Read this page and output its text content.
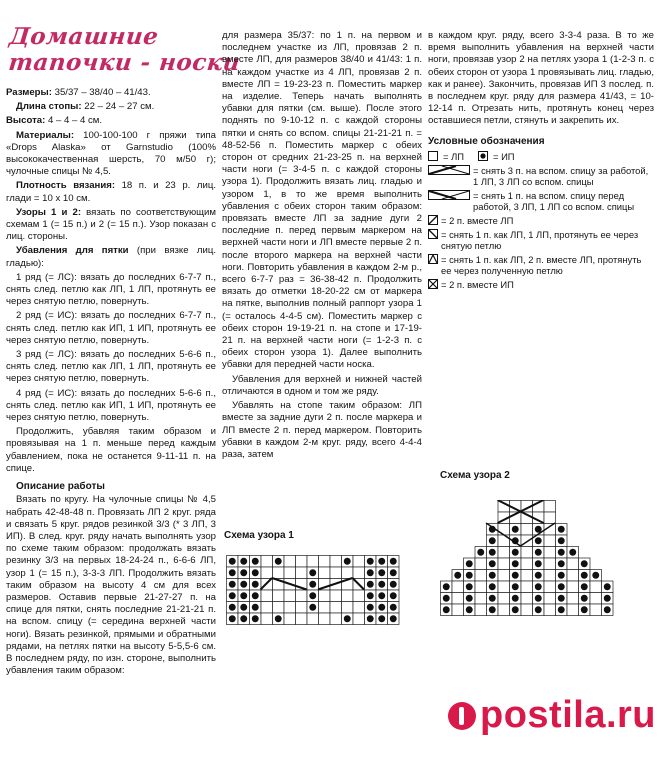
Домашние
тапочки - носки

Размеры: 35/37 – 38/40 – 41/43.

Длина стопы: 22 – 24 – 27 см.

Высота: 4 – 4 – 4 см.

Материалы: 100-100-100 г пряжи типа «Drops Alaska» от Garnstudio (100% высококачественная шерсть, 70 м/50 г); чулочные спицы № 4,5.

Плотность вязания: 18 п. и 23 р. лиц. глади = 10 х 10 см.

Узоры 1 и 2: вязать по соответствующим схемам 1 (= 15 п.) и 2 (= 15 п.). Узор показан с лиц. стороны.

Убавления для пятки (при вязке лиц. гладью):

1 ряд (= ЛС): вязать до последних 6-7-7 п., снять след. петлю как ЛП, 1 ЛП, протянуть ее через снятую петлю, повернуть.

2 ряд (= ИС): вязать до последних 6-7-7 п., снять след. петлю как ИП, 1 ИП, протянуть ее через снятую петлю, повернуть.

3 ряд (= ЛС): вязать до последних 5-6-6 п., снять след. петлю как ЛП, 1 ЛП, протянуть ее через снятую петлю, повернуть.

4 ряд (= ИС): вязать до последних 5-6-6 п., снять след. петлю как ИП, 1 ИП, протянуть ее через снятую петлю, повернуть.

Продолжить, убавляя таким образом и провязывая на 1 п. меньше перед каждым убавлением, пока не останется 9-11-11 п. на спице.

Описание работы

Вязать по кругу. На чулочные спицы № 4,5 набрать 42-48-48 п. Провязать ЛП 2 круг. ряда и связать 5 круг. рядов резинкой 3/3 (* 3 ЛП, 3 ИП). В след. круг. ряду начать выполнять узор по схеме таким образом: продолжать вязать резинку 3/3 на первых 18-24-24 п., 6-6-6 ЛП, узор 1 (= 15 п.), 3-3-3 ЛП. Продолжить вязать таким образом на высоту 4 см для всех размеров. Оставив первые 21-27-27 п. на спице для пятки, снять последние 21-21-21 п. на вспом. спицу (= середина верхней части ноги). Вязать резинкой, прямыми и обратными рядами, на петлях пятки на высоту 5-5,5-6 см. В последнем ряду, по изн. стороне, выполнить убавления таким образом:

для размера 35/37: по 1 п. на первом и последнем участке из ЛП, провязав 2 п. вместе ЛП, для размеров 38/40 и 41/43: 1 п. на каждом участке из 4 ЛП, провязав 2 п. вместе ЛП = 19-23-23 п. Поместить маркер на изделие. Теперь начать выполнять убавки для пятки (см. выше). После этого поднять по 9-10-12 п. с каждой стороны пятки и снять со вспом. спицы 21-21-21 п. = 48-52-56 п. Поместить маркер с обеих сторон от средних 21-23-25 п. на верхней части ноги (= 3-4-5 п. с каждой стороны узора 1). Продолжить вязать лиц. гладью и узором 1, в то же время выполнить убавления с обеих сторон таким образом: провязать вместе ЛП за задние дуги 2 последние п. перед первым маркером на верхней части ноги и ЛП вместе первые 2 п. после второго маркера на верхней части ноги. Повторить убавления в каждом 2-м р., всего 6-7-7 раз = 36-38-42 п. Продолжить вязать до отметки 18-20-22 см от маркера на пятке, выполнив полный раппорт узора 1 (= осталось 4-4-5 см). Поместить маркер с обеих сторон 19-19-21 п. на стопе и 17-19-21 п. на верхней части ноги (= 1-2-3 п. с обеих сторон узора 1). Далее выполнить убавки для передней части носка.

Убавления для верхней и нижней частей отличаются в одном и том же ряду.

Убавлять на стопе таким образом: ЛП вместе за задние дуги 2 п. после маркера и ЛП вместе 2 п. перед маркером. Повторить убавки в каждом 2-м круг. ряду, всего 4-4-4 раза, затем

в каждом круг. ряду, всего 3-3-4 раза. В то же время выполнить убавления на верхней части ноги, провязав узор 2 на петлях узора 1 (1-2-3 п. с обеих сторон от узора 1 провязывать лиц. гладью, как и ранее). Закончить, провязав ИП 3 послед. п. в последнем круг. ряду для размера 41/43, = 10-12-14 п. Отрезать нить, протянуть конец через оставшиеся петли, стянуть и закрепить их.

Условные обозначения
= ЛП	= ИП
= снять 3 п. на вспом. спицу за работой, 1 ЛП, 3 ЛП со вспом. спицы
= снять 1 п. на вспом. спицу перед работой, 3 ЛП, 1 ЛП со вспом. спицы
= 2 п. вместе ЛП
= снять 1 п. как ЛП, 1 ЛП, протянуть ее через снятую петлю
= снять 1 п. как ЛП, 2 п. вместе ЛП, протянуть ее через полученную петлю
= 2 п. вместе ИП
Схема узора 1
Схема узора 2
postila.ru
